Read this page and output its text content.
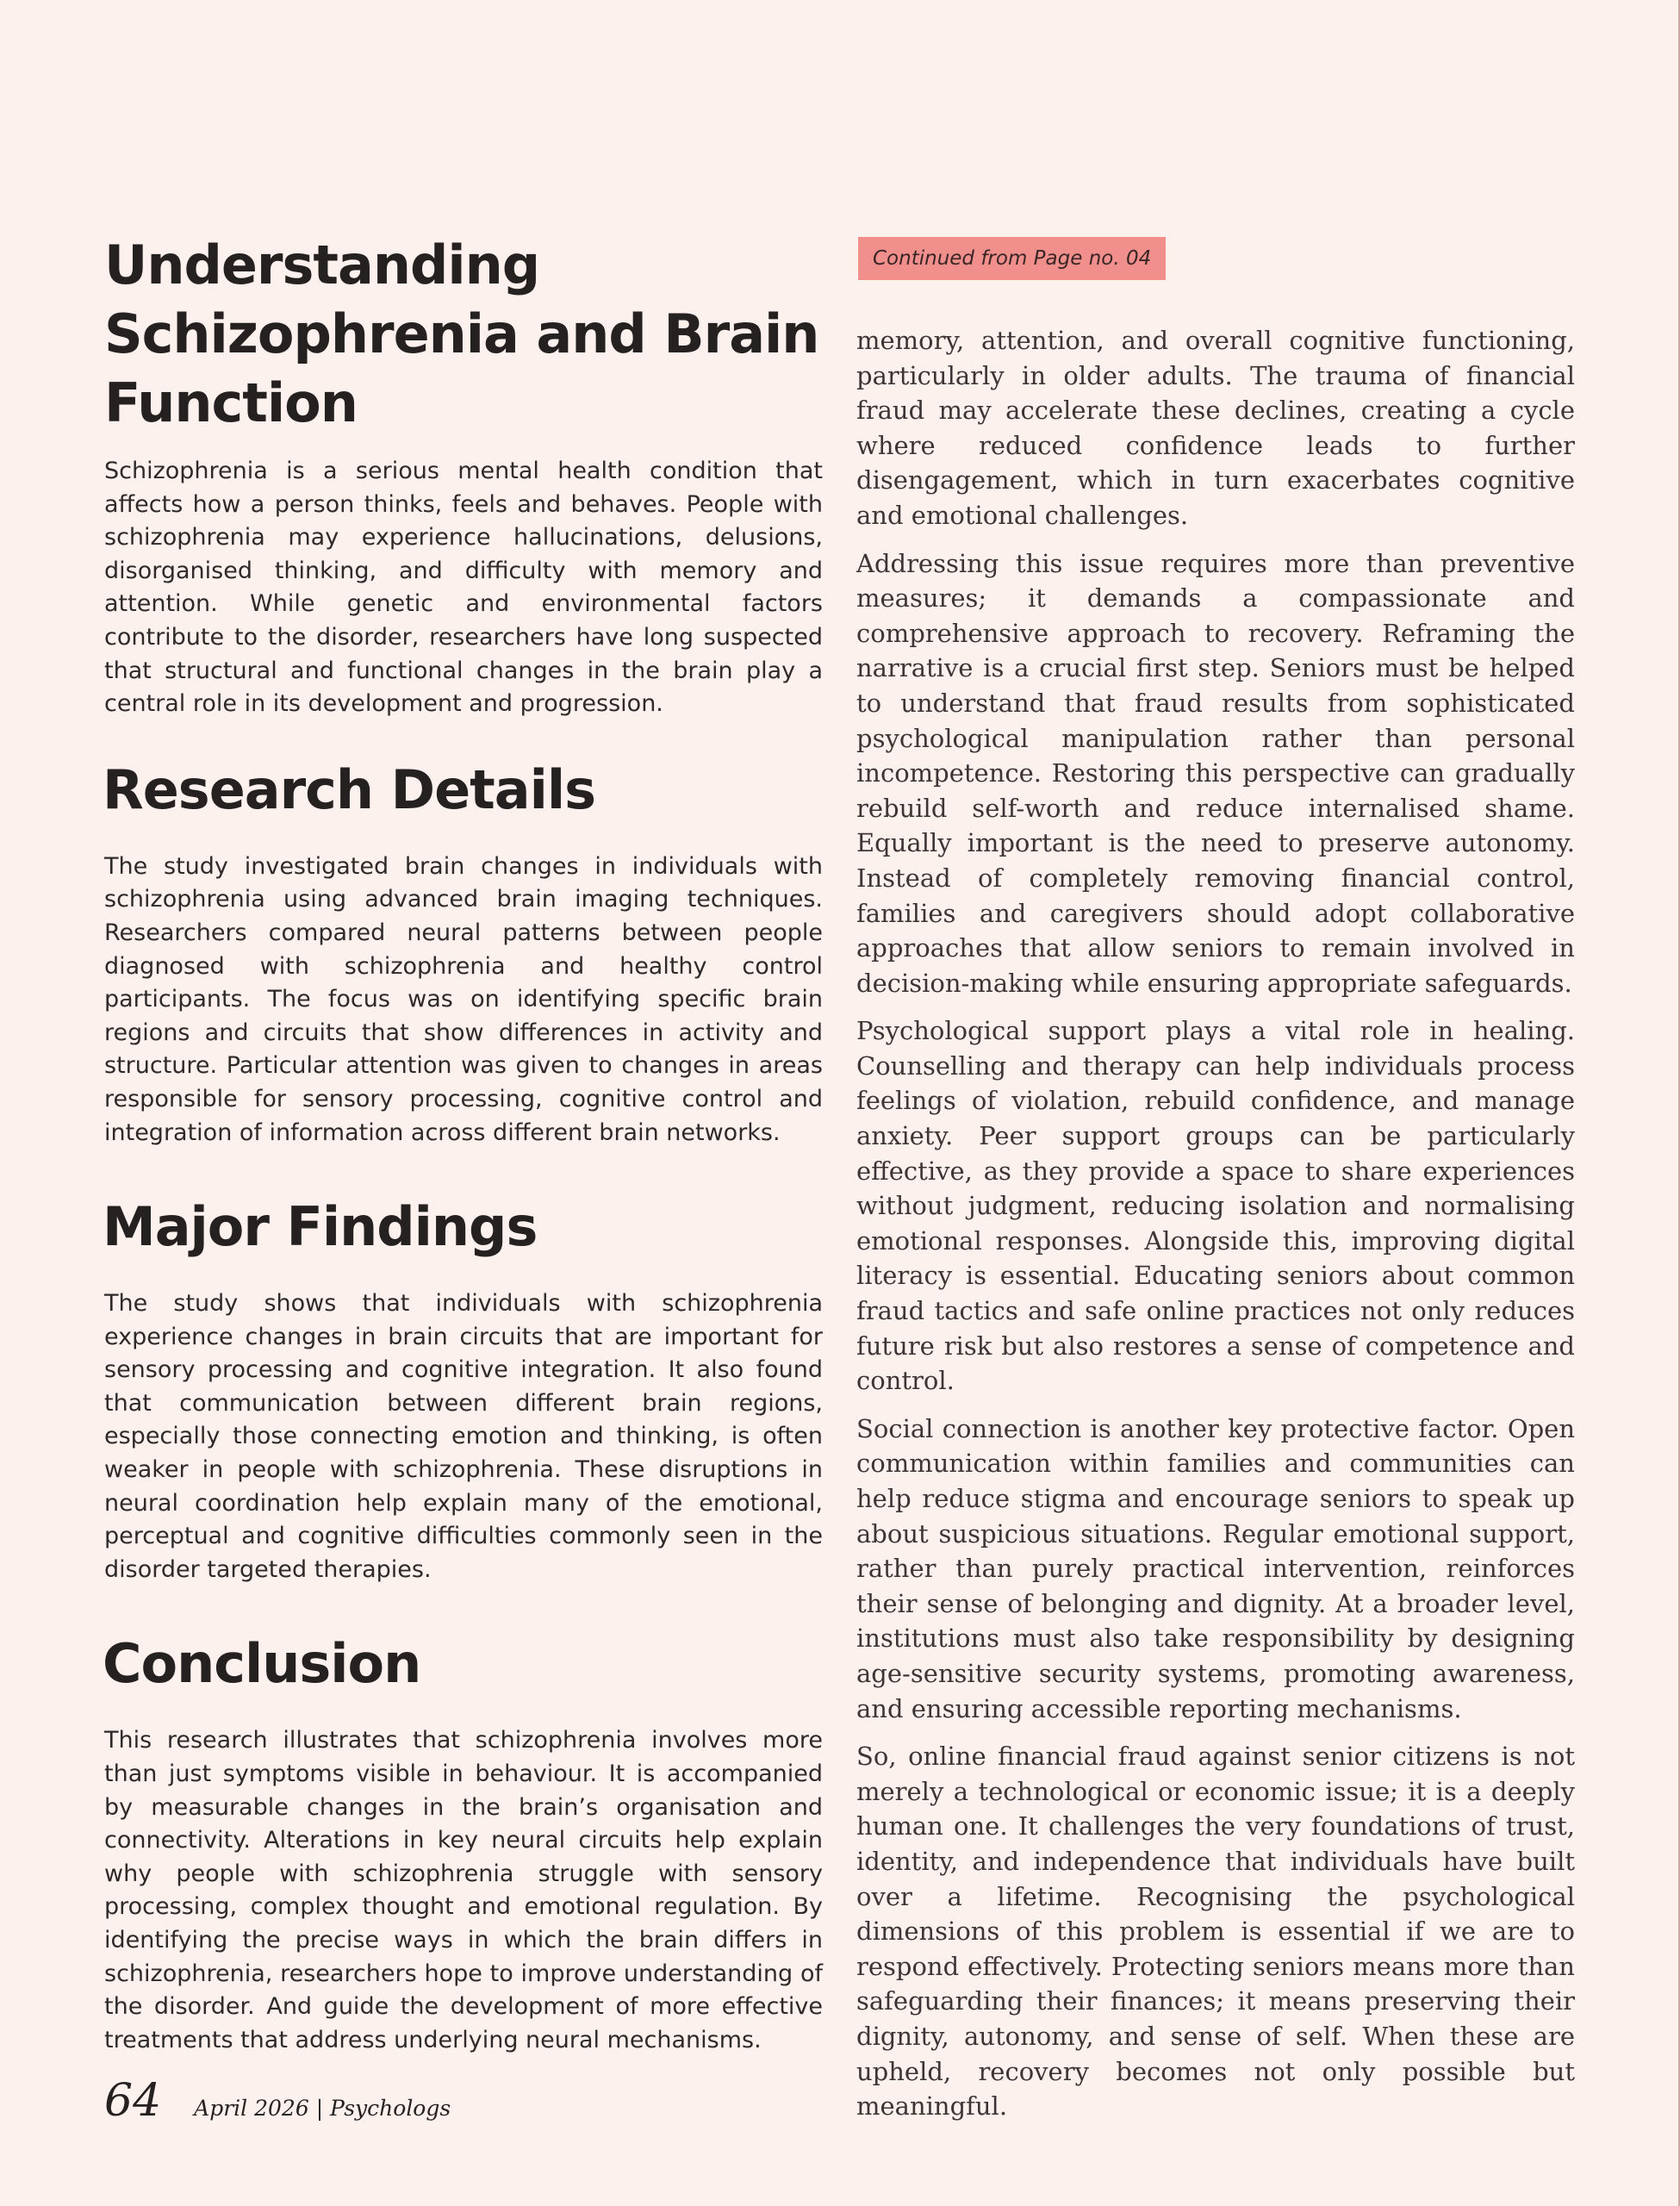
Understanding Schizophrenia and Brain Function

Schizophrenia is a serious mental health condition that affects how a person thinks, feels and behaves. People with schizophrenia may experience hallucinations, delusions, disorganised thinking, and difficulty with memory and attention. While genetic and environmental factors contribute to the disorder, researchers have long suspected that structural and functional changes in the brain play a central role in its development and progression.

Research Details

The study investigated brain changes in individuals with schizophrenia using advanced brain imaging techniques. Researchers compared neural patterns between people diagnosed with schizophrenia and healthy control participants. The focus was on identifying specific brain regions and circuits that show differences in activity and structure. Particular attention was given to changes in areas responsible for sensory processing, cognitive control and integration of information across different brain networks.

Major Findings

The study shows that individuals with schizophrenia experience changes in brain circuits that are important for sensory processing and cognitive integration. It also found that communication between different brain regions, especially those connecting emotion and thinking, is often weaker in people with schizophrenia. These disruptions in neural coordination help explain many of the emotional, perceptual and cognitive difficulties commonly seen in the disorder targeted therapies.

Conclusion

This research illustrates that schizophrenia involves more than just symptoms visible in behaviour. It is accompanied by measurable changes in the brain’s organisation and connectivity. Alterations in key neural circuits help explain why people with schizophrenia struggle with sensory processing, complex thought and emotional regulation. By identifying the precise ways in which the brain differs in schizophrenia, researchers hope to improve understanding of the disorder. And guide the development of more effective treatments that address underlying neural mechanisms.

Continued from Page no. 04

memory, attention, and overall cognitive functioning, particularly in older adults. The trauma of financial fraud may accelerate these declines, creating a cycle where reduced confidence leads to further disengagement, which in turn exacerbates cognitive and emotional challenges.

Addressing this issue requires more than preventive measures; it demands a compassionate and comprehensive approach to recovery. Reframing the narrative is a crucial first step. Seniors must be helped to understand that fraud results from sophisticated psychological manipulation rather than personal incompetence. Restoring this perspective can gradually rebuild self-worth and reduce internalised shame. Equally important is the need to preserve autonomy. Instead of completely removing financial control, families and caregivers should adopt collaborative approaches that allow seniors to remain involved in decision-making while ensuring appropriate safeguards.

Psychological support plays a vital role in healing. Counselling and therapy can help individuals process feelings of violation, rebuild confidence, and manage anxiety. Peer support groups can be particularly effective, as they provide a space to share experiences without judgment, reducing isolation and normalising emotional responses. Alongside this, improving digital literacy is essential. Educating seniors about common fraud tactics and safe online practices not only reduces future risk but also restores a sense of competence and control.

Social connection is another key protective factor. Open communication within families and communities can help reduce stigma and encourage seniors to speak up about suspicious situations. Regular emotional support, rather than purely practical intervention, reinforces their sense of belonging and dignity. At a broader level, institutions must also take responsibility by designing age-sensitive security systems, promoting awareness, and ensuring accessible reporting mechanisms.

So, online financial fraud against senior citizens is not merely a technological or economic issue; it is a deeply human one. It challenges the very foundations of trust, identity, and independence that individuals have built over a lifetime. Recognising the psychological dimensions of this problem is essential if we are to respond effectively. Protecting seniors means more than safeguarding their finances; it means preserving their dignity, autonomy, and sense of self. When these are upheld, recovery becomes not only possible but meaningful.

64 April 2026 | Psychologs
